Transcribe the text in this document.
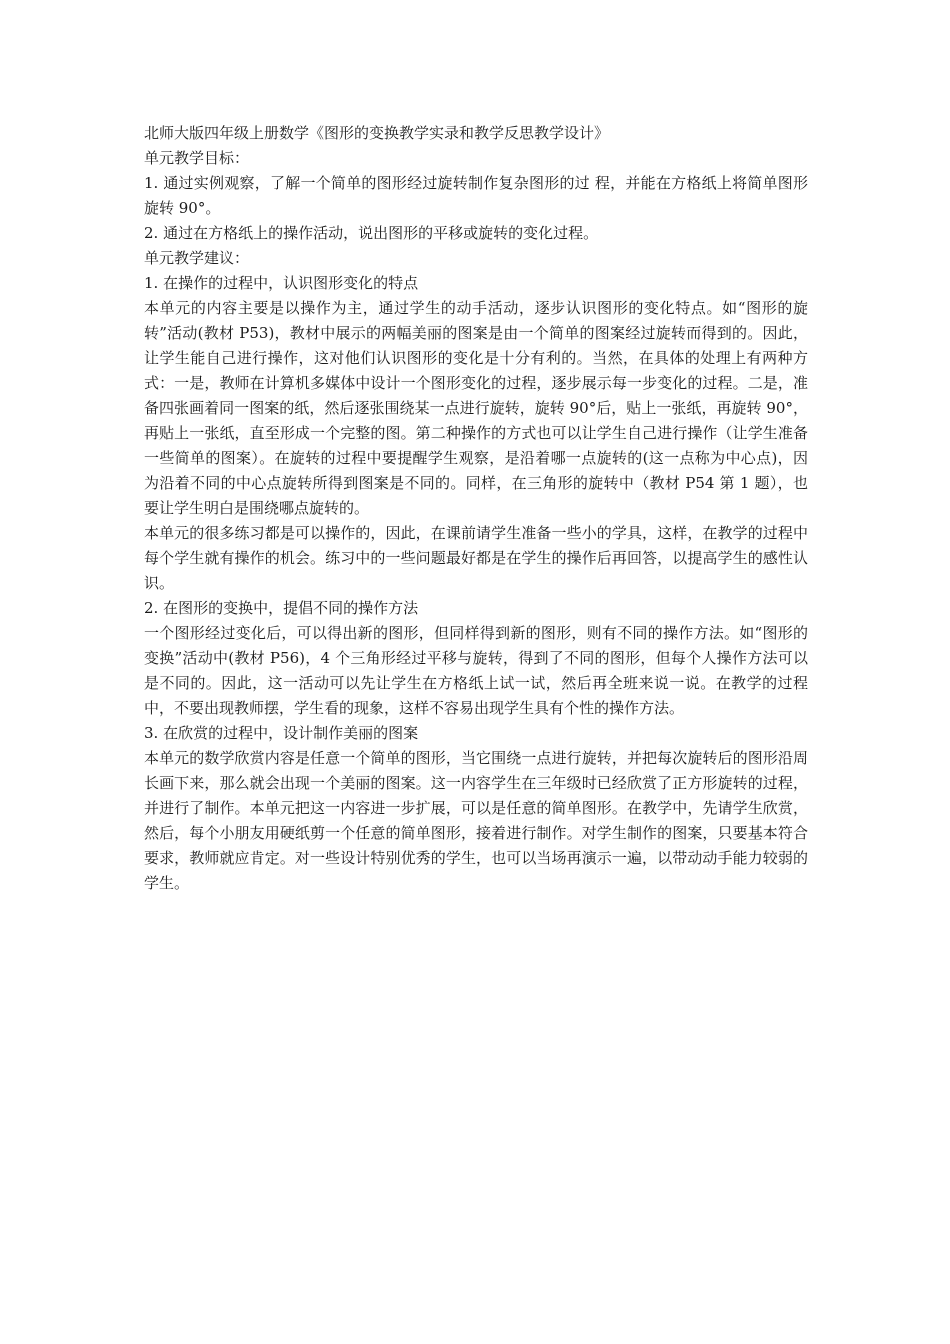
北师大版四年级上册数学《图形的变换教学实录和教学反思教学设计》

单元教学目标：

1. 通过实例观察，了解一个简单的图形经过旋转制作复杂图形的过 程，并能在方格纸上将简单图形旋转 90°。

2. 通过在方格纸上的操作活动，说出图形的平移或旋转的变化过程。

单元教学建议：

1. 在操作的过程中，认识图形变化的特点

本单元的内容主要是以操作为主，通过学生的动手活动，逐步认识图形的变化特点。如“图形的旋转”活动(教材 P53)，教材中展示的两幅美丽的图案是由一个简单的图案经过旋转而得到的。因此，让学生能自己进行操作，这对他们认识图形的变化是十分有利的。当然，在具体的处理上有两种方式：一是，教师在计算机多媒体中设计一个图形变化的过程，逐步展示每一步变化的过程。二是，准备四张画着同一图案的纸，然后逐张围绕某一点进行旋转，旋转 90°后，贴上一张纸，再旋转 90°，再贴上一张纸，直至形成一个完整的图。第二种操作的方式也可以让学生自己进行操作（让学生准备一些简单的图案）。在旋转的过程中要提醒学生观察，是沿着哪一点旋转的(这一点称为中心点)，因为沿着不同的中心点旋转所得到图案是不同的。同样，在三角形的旋转中（教材 P54 第 1 题），也要让学生明白是围绕哪点旋转的。

本单元的很多练习都是可以操作的，因此，在课前请学生准备一些小的学具，这样，在教学的过程中每个学生就有操作的机会。练习中的一些问题最好都是在学生的操作后再回答，以提高学生的感性认识。

2. 在图形的变换中，提倡不同的操作方法

一个图形经过变化后，可以得出新的图形，但同样得到新的图形，则有不同的操作方法。如“图形的变换”活动中(教材 P56)，4 个三角形经过平移与旋转，得到了不同的图形，但每个人操作方法可以是不同的。因此，这一活动可以先让学生在方格纸上试一试，然后再全班来说一说。在教学的过程中，不要出现教师摆，学生看的现象，这样不容易出现学生具有个性的操作方法。

3. 在欣赏的过程中，设计制作美丽的图案

本单元的数学欣赏内容是任意一个简单的图形，当它围绕一点进行旋转，并把每次旋转后的图形沿周长画下来，那么就会出现一个美丽的图案。这一内容学生在三年级时已经欣赏了正方形旋转的过程，并进行了制作。本单元把这一内容进一步扩展，可以是任意的简单图形。在教学中，先请学生欣赏，然后，每个小朋友用硬纸剪一个任意的简单图形，接着进行制作。对学生制作的图案，只要基本符合要求，教师就应肯定。对一些设计特别优秀的学生，也可以当场再演示一遍，以带动动手能力较弱的学生。
